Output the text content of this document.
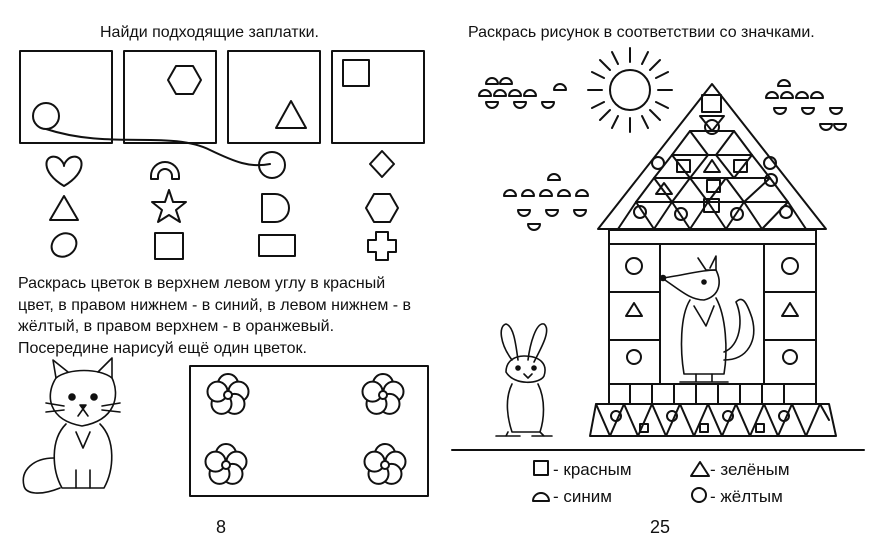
Найди подходящие заплатки.	Раскрась рисунок в соответствии со значками.
Раскрась цветок в верхнем левом углу в красный
цвет, в правом нижнем - в синий, в левом нижнем - в
жёлтый, в правом верхнем - в оранжевый.
Посередине нарисуй ещё один цветок.
8	25
- красным	- зелёным
- синим	- жёлтым
